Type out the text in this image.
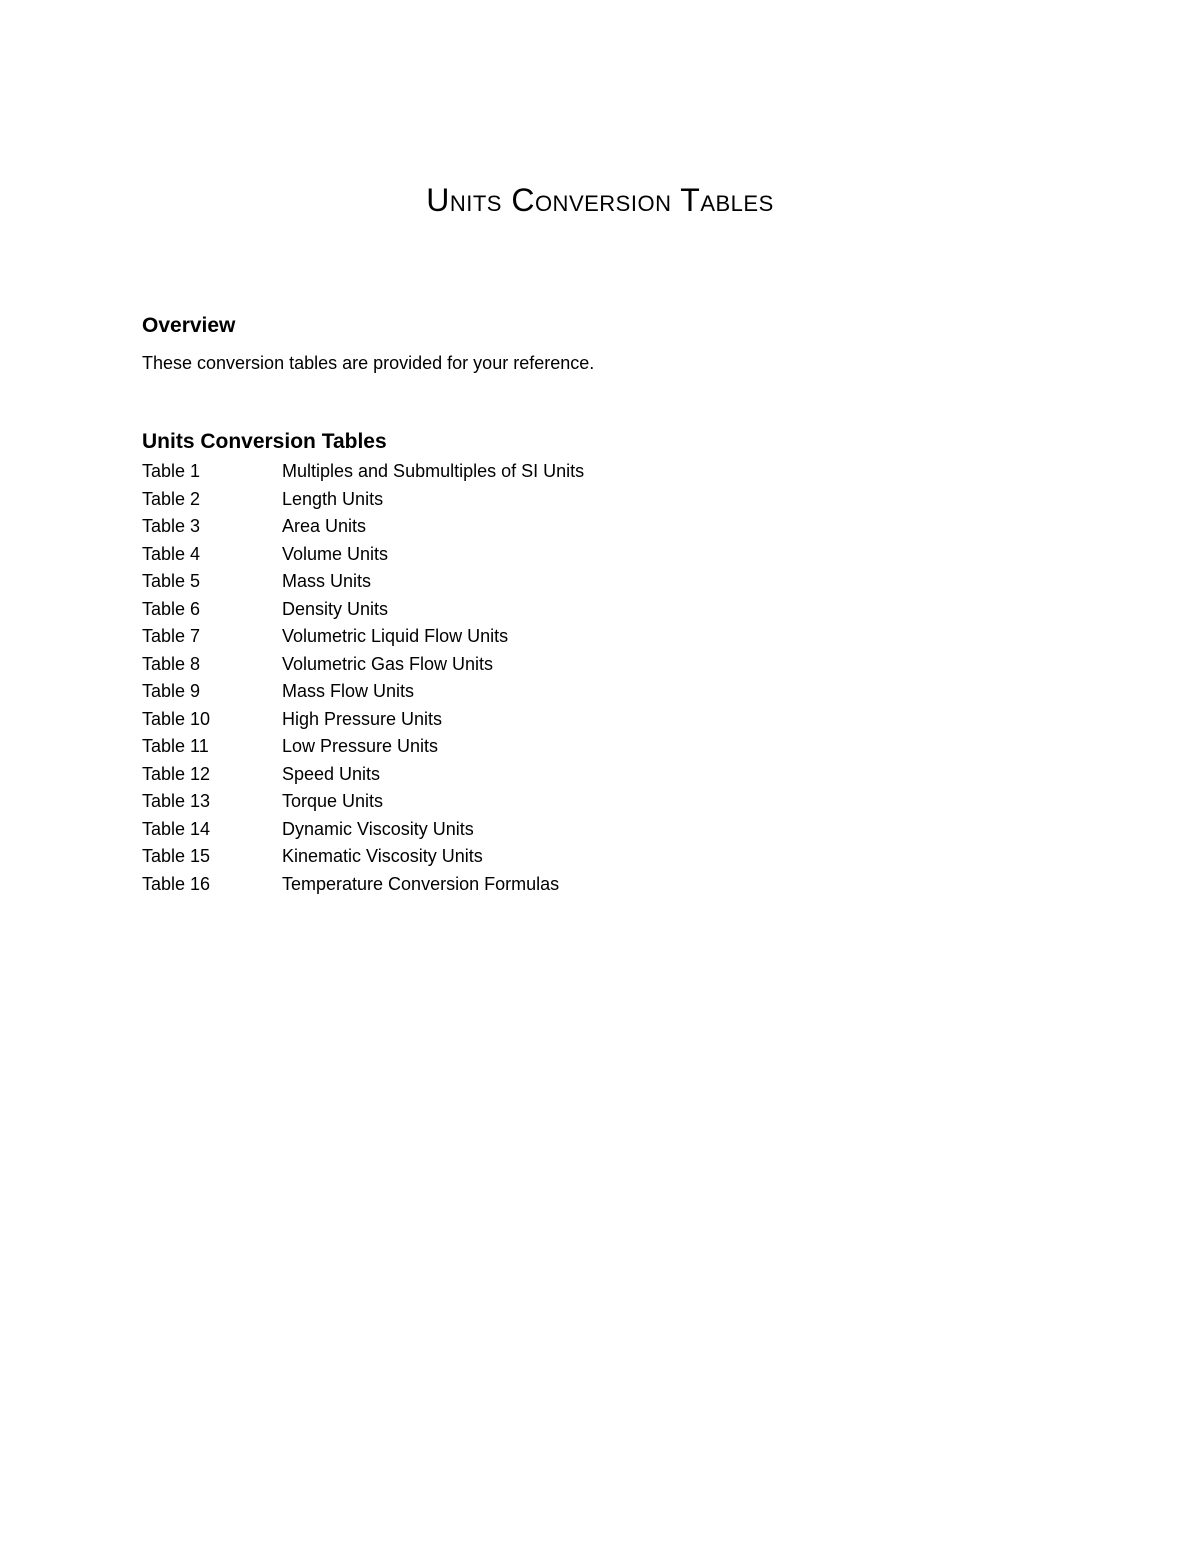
Units Conversion Tables
Overview

These conversion tables are provided for your reference.

Units Conversion Tables
Table 1	Multiples and Submultiples of SI Units
Table 2	Length Units
Table 3	Area Units
Table 4	Volume Units
Table 5	Mass Units
Table 6	Density Units
Table 7	Volumetric Liquid Flow Units
Table 8	Volumetric Gas Flow Units
Table 9	Mass Flow Units
Table 10	High Pressure Units
Table 11	Low Pressure Units
Table 12	Speed Units
Table 13	Torque Units
Table 14	Dynamic Viscosity Units
Table 15	Kinematic Viscosity Units
Table 16	Temperature Conversion Formulas
